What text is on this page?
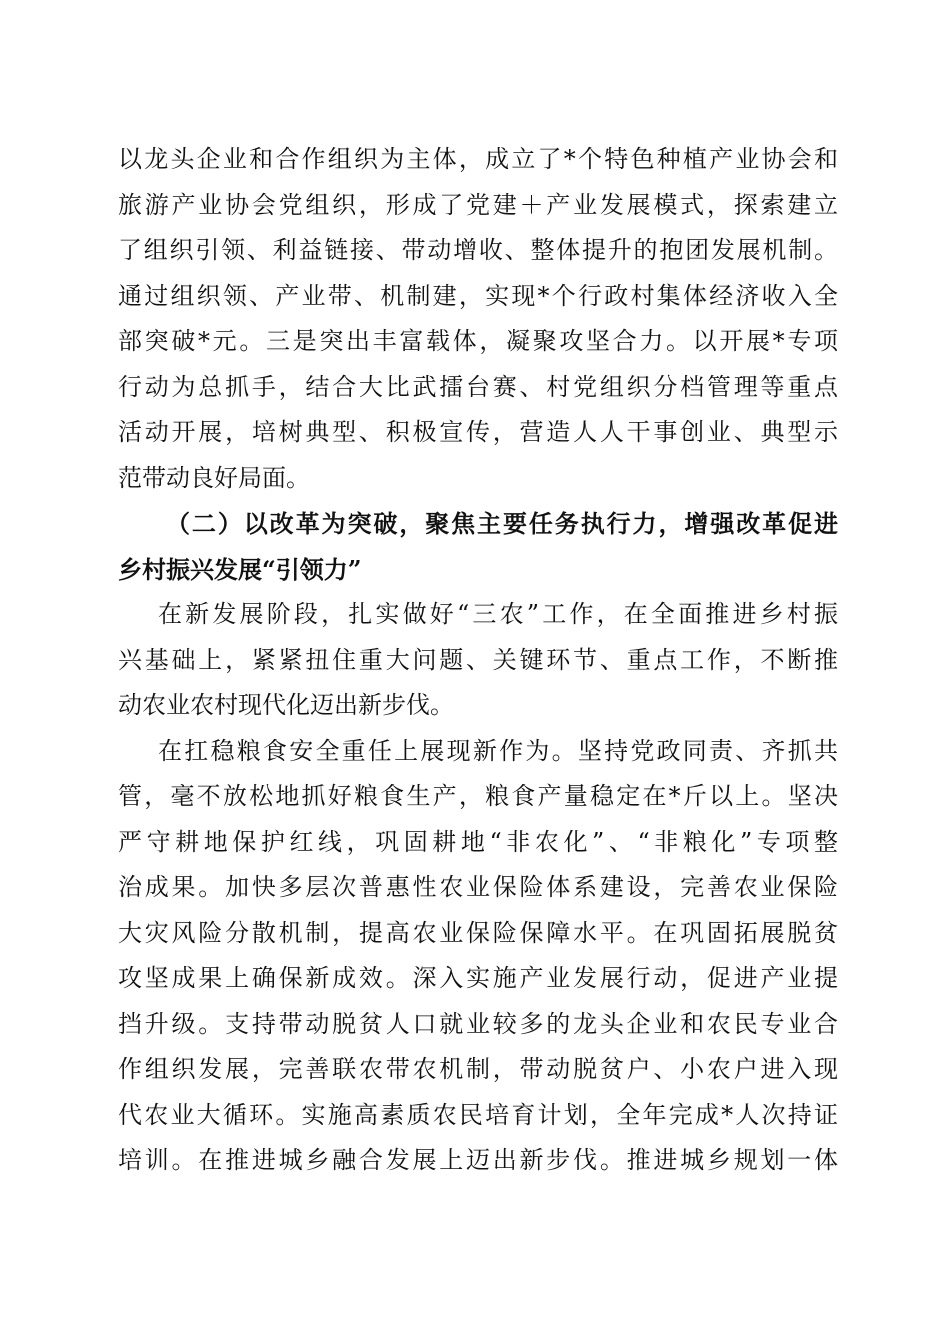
以龙头企业和合作组织为主体，成立了*个特色种植产业协会和
旅游产业协会党组织，形成了党建＋产业发展模式，探索建立
了组织引领、利益链接、带动增收、整体提升的抱团发展机制。
通过组织领、产业带、机制建，实现*个行政村集体经济收入全
部突破*元。三是突出丰富载体，凝聚攻坚合力。以开展*专项
行动为总抓手，结合大比武擂台赛、村党组织分档管理等重点
活动开展，培树典型、积极宣传，营造人人干事创业、典型示
范带动良好局面。
（二）以改革为突破，聚焦主要任务执行力，增强改革促进
乡村振兴发展“引领力”
在新发展阶段，扎实做好“三农”工作，在全面推进乡村振
兴基础上，紧紧扭住重大问题、关键环节、重点工作，不断推
动农业农村现代化迈出新步伐。
在扛稳粮食安全重任上展现新作为。坚持党政同责、齐抓共
管，毫不放松地抓好粮食生产，粮食产量稳定在*斤以上。坚决
严守耕地保护红线，巩固耕地“非农化”、“非粮化”专项整
治成果。加快多层次普惠性农业保险体系建设，完善农业保险
大灾风险分散机制，提高农业保险保障水平。在巩固拓展脱贫
攻坚成果上确保新成效。深入实施产业发展行动，促进产业提
挡升级。支持带动脱贫人口就业较多的龙头企业和农民专业合
作组织发展，完善联农带农机制，带动脱贫户、小农户进入现
代农业大循环。实施高素质农民培育计划，全年完成*人次持证
培训。在推进城乡融合发展上迈出新步伐。推进城乡规划一体
